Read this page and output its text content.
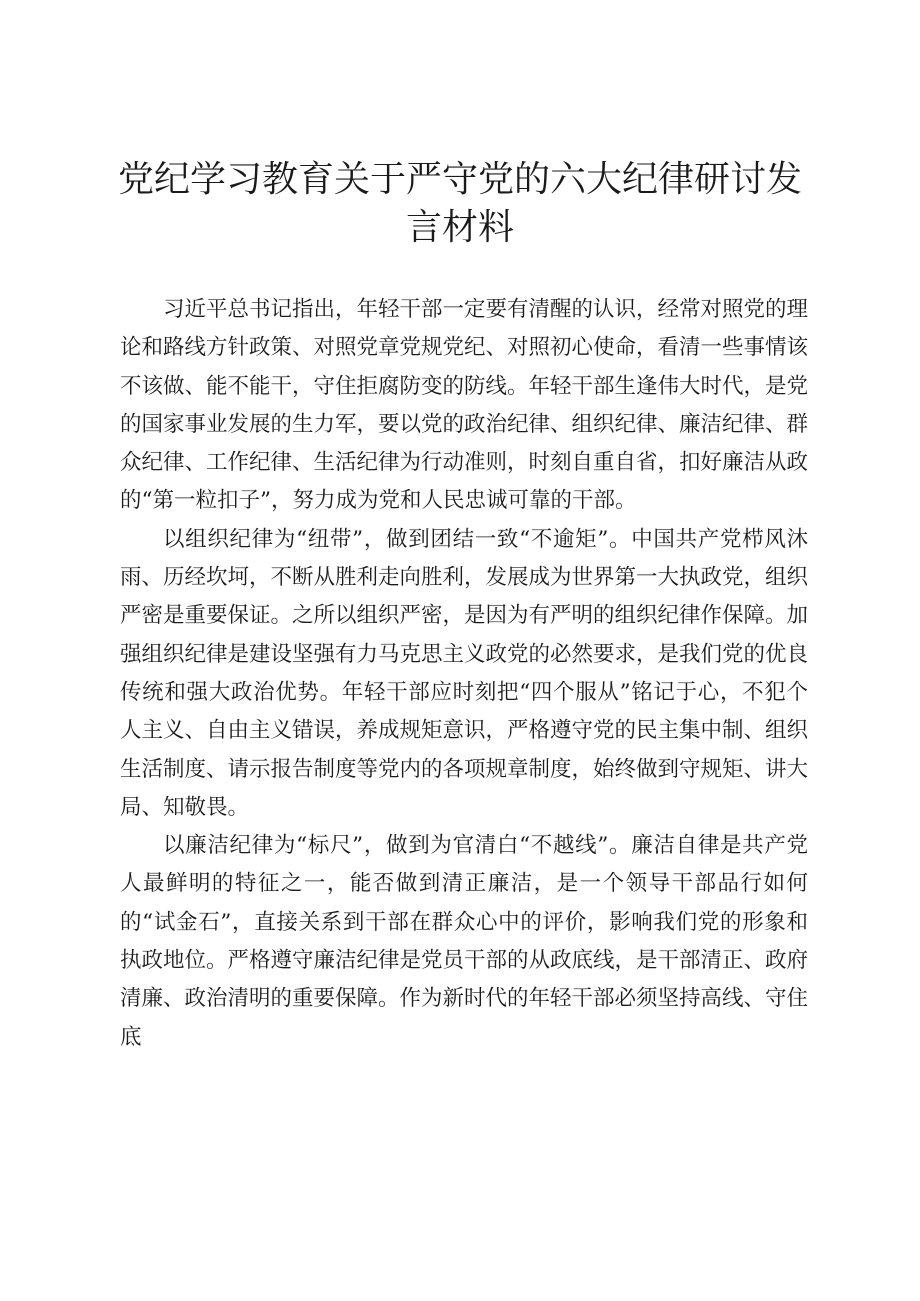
党纪学习教育关于严守党的六大纪律研讨发言材料

习近平总书记指出，年轻干部一定要有清醒的认识，经常对照党的理论和路线方针政策、对照党章党规党纪、对照初心使命，看清一些事情该不该做、能不能干，守住拒腐防变的防线。年轻干部生逢伟大时代，是党的国家事业发展的生力军，要以党的政治纪律、组织纪律、廉洁纪律、群众纪律、工作纪律、生活纪律为行动准则，时刻自重自省，扣好廉洁从政的“第一粒扣子”，努力成为党和人民忠诚可靠的干部。

以组织纪律为“纽带”，做到团结一致“不逾矩”。中国共产党栉风沐雨、历经坎坷，不断从胜利走向胜利，发展成为世界第一大执政党，组织严密是重要保证。之所以组织严密，是因为有严明的组织纪律作保障。加强组织纪律是建设坚强有力马克思主义政党的必然要求，是我们党的优良传统和强大政治优势。年轻干部应时刻把“四个服从”铭记于心，不犯个人主义、自由主义错误，养成规矩意识，严格遵守党的民主集中制、组织生活制度、请示报告制度等党内的各项规章制度，始终做到守规矩、讲大局、知敬畏。

以廉洁纪律为“标尺”，做到为官清白“不越线”。廉洁自律是共产党人最鲜明的特征之一，能否做到清正廉洁，是一个领导干部品行如何的“试金石”，直接关系到干部在群众心中的评价，影响我们党的形象和执政地位。严格遵守廉洁纪律是党员干部的从政底线，是干部清正、政府清廉、政治清明的重要保障。作为新时代的年轻干部必须坚持高线、守住底
